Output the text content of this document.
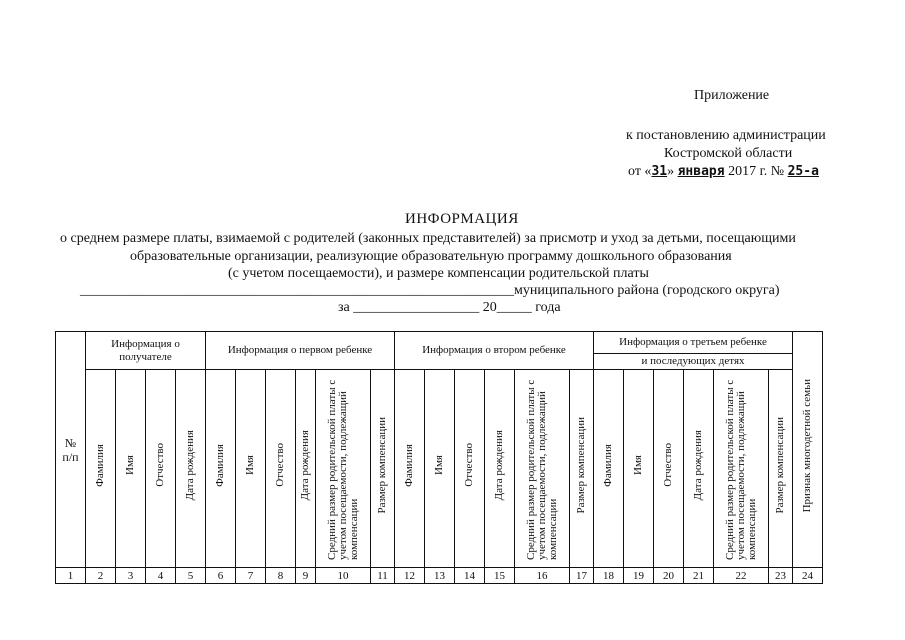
Приложение
к постановлению администрации
Костромской области
от «31» января 2017 г. № 25-а
ИНФОРМАЦИЯ
о среднем размере платы, взимаемой с родителей (законных представителей) за присмотр и уход за детьми, посещающими
образовательные организации, реализующие образовательную программу дошкольного образования
(с учетом посещаемости), и размере компенсации родительской платы
______________________________________________________________муниципального района (городского округа)
за __________________ 20_____ года
№
п/п	Информация о получателе				Информация о первом ребенке						Информация о втором ребенке						Информация о третьем ребенке						Признак многодетной семьи
																	и последующих детях						
	Фамилия	Имя	Отчество	Дата рождения	Фамилия	Имя	Отчество	Дата рождения	Средний размер родительской платы с учетом посещаемости, подлежащий компенсации	Размер компенсации	Фамилия	Имя	Отчество	Дата рождения	Средний размер родительской платы с учетом посещаемости, подлежащий компенсации	Размер компенсации	Фамилия	Имя	Отчество	Дата рождения	Средний размер родительской платы с учетом посещаемости, подлежащий компенсации	Размер компенсации	
1	2	3	4	5	6	7	8	9	10	11	12	13	14	15	16	17	18	19	20	21	22	23	24
